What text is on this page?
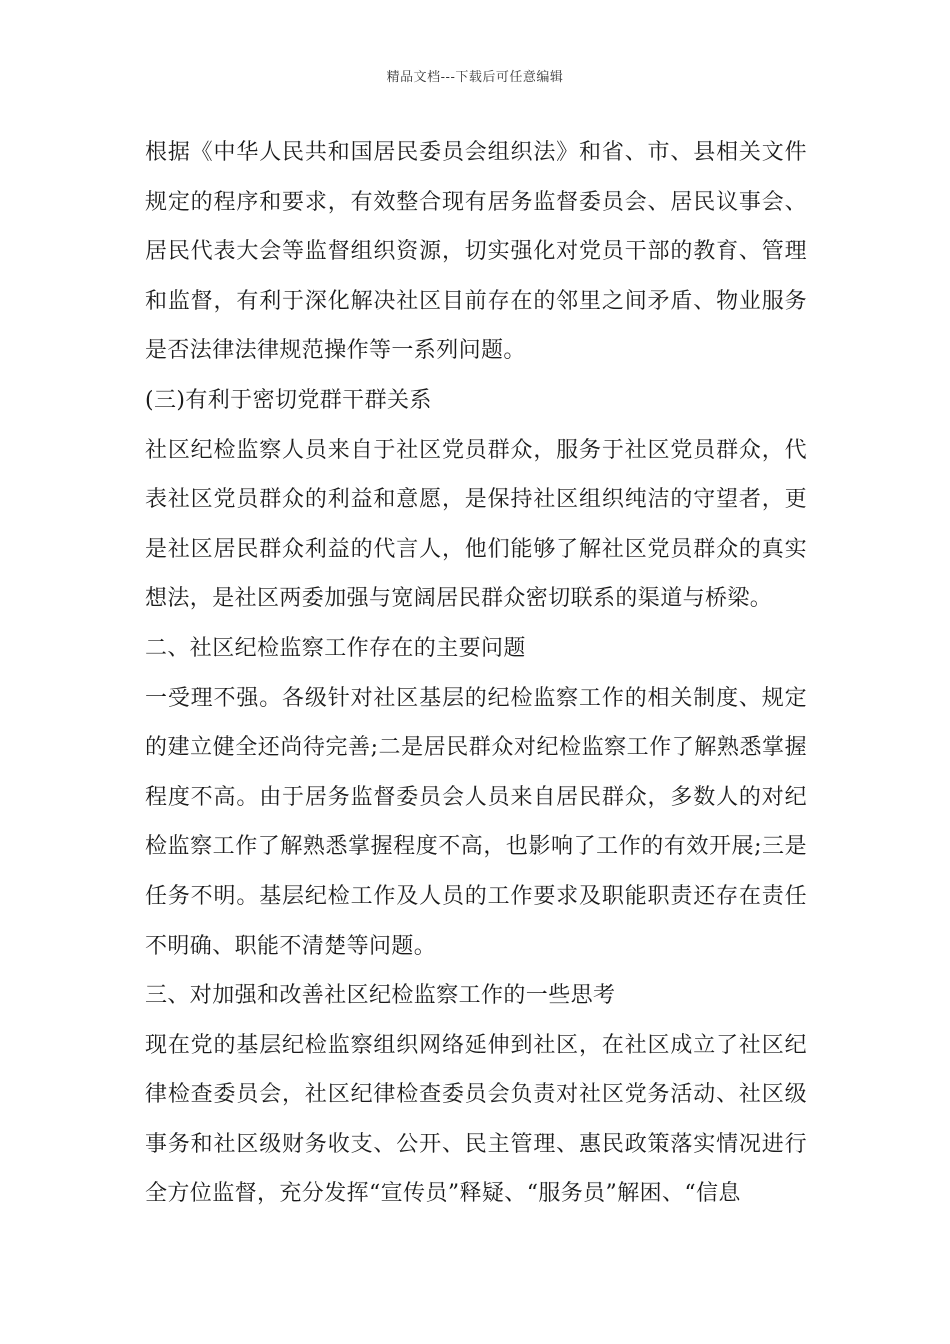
精品文档---下载后可任意编辑

根据《中华人民共和国居民委员会组织法》和省、市、县相关文件规定的程序和要求，有效整合现有居务监督委员会、居民议事会、居民代表大会等监督组织资源，切实强化对党员干部的教育、管理和监督，有利于深化解决社区目前存在的邻里之间矛盾、物业服务是否法律法律规范操作等一系列问题。

(三)有利于密切党群干群关系

社区纪检监察人员来自于社区党员群众，服务于社区党员群众，代表社区党员群众的利益和意愿，是保持社区组织纯洁的守望者，更是社区居民群众利益的代言人，他们能够了解社区党员群众的真实想法，是社区两委加强与宽阔居民群众密切联系的渠道与桥梁。

二、社区纪检监察工作存在的主要问题

一受理不强。各级针对社区基层的纪检监察工作的相关制度、规定的建立健全还尚待完善;二是居民群众对纪检监察工作了解熟悉掌握程度不高。由于居务监督委员会人员来自居民群众，多数人的对纪检监察工作了解熟悉掌握程度不高，也影响了工作的有效开展;三是任务不明。基层纪检工作及人员的工作要求及职能职责还存在责任不明确、职能不清楚等问题。

三、对加强和改善社区纪检监察工作的一些思考

现在党的基层纪检监察组织网络延伸到社区，在社区成立了社区纪律检查委员会，社区纪律检查委员会负责对社区党务活动、社区级事务和社区级财务收支、公开、民主管理、惠民政策落实情况进行全方位监督，充分发挥“宣传员”释疑、“服务员”解困、“信息
